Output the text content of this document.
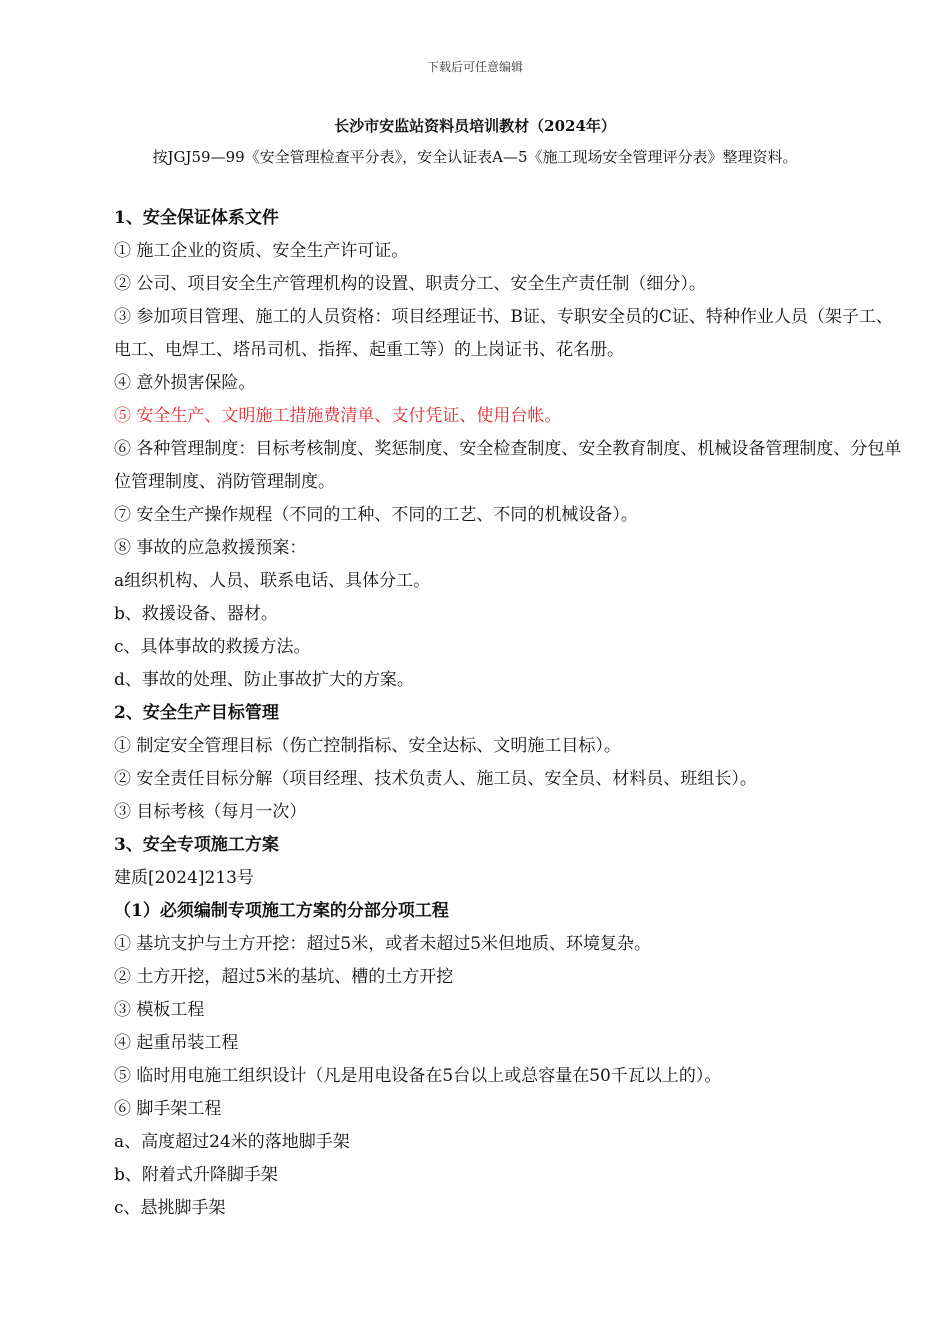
下载后可任意编辑
长沙市安监站资料员培训教材（2024年）
按JGJ59—99《安全管理检查平分表》，安全认证表A—5《施工现场安全管理评分表》整理资料。
1、安全保证体系文件
① 施工企业的资质、安全生产许可证。
② 公司、项目安全生产管理机构的设置、职责分工、安全生产责任制（细分）。
③ 参加项目管理、施工的人员资格：项目经理证书、B证、专职安全员的C证、特种作业人员（架子工、电工、电焊工、塔吊司机、指挥、起重工等）的上岗证书、花名册。
④ 意外损害保险。
⑤ 安全生产、文明施工措施费清单、支付凭证、使用台帐。
⑥ 各种管理制度：目标考核制度、奖惩制度、安全检查制度、安全教育制度、机械设备管理制度、分包单位管理制度、消防管理制度。
⑦ 安全生产操作规程（不同的工种、不同的工艺、不同的机械设备）。
⑧ 事故的应急救援预案：
a组织机构、人员、联系电话、具体分工。
b、救援设备、器材。
c、具体事故的救援方法。
d、事故的处理、防止事故扩大的方案。
2、安全生产目标管理
① 制定安全管理目标（伤亡控制指标、安全达标、文明施工目标）。
② 安全责任目标分解（项目经理、技术负责人、施工员、安全员、材料员、班组长）。
③ 目标考核（每月一次）
3、安全专项施工方案
建质[2024]213号
（1）必须编制专项施工方案的分部分项工程
① 基坑支护与土方开挖：超过5米，或者未超过5米但地质、环境复杂。
② 土方开挖，超过5米的基坑、槽的土方开挖
③ 模板工程
④ 起重吊装工程
⑤ 临时用电施工组织设计（凡是用电设备在5台以上或总容量在50千瓦以上的）。
⑥ 脚手架工程
a、高度超过24米的落地脚手架
b、附着式升降脚手架
c、悬挑脚手架
